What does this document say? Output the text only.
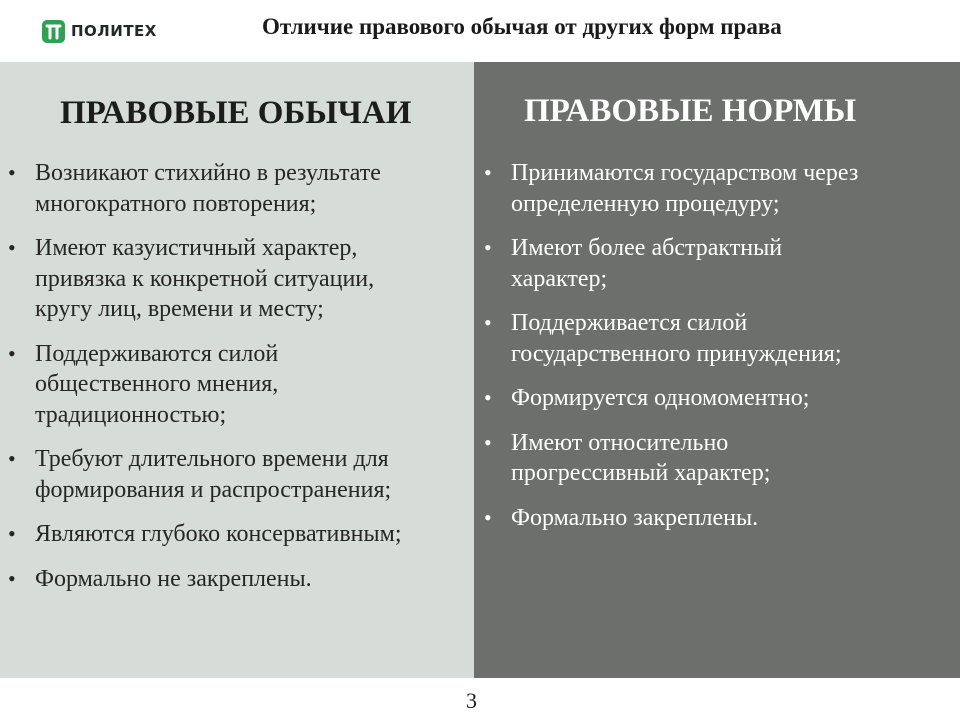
ПОЛИТЕХ	Отличие правового обычая от других форм права
ПРАВОВЫЕ ОБЫЧАИ
• Возникают стихийно в результате
многократного повторения;
• Имеют казуистичный характер,
привязка к конкретной ситуации,
кругу лиц, времени и месту;
• Поддерживаются силой
общественного мнения,
традиционностью;
• Требуют длительного времени для
формирования и распространения;
• Являются глубоко консервативным;
• Формально не закреплены.
ПРАВОВЫЕ НОРМЫ
• Принимаются государством через
определенную процедуру;
• Имеют более абстрактный
характер;
• Поддерживается силой
государственного принуждения;
• Формируется одномоментно;
• Имеют относительно
прогрессивный характер;
• Формально закреплены.
3
